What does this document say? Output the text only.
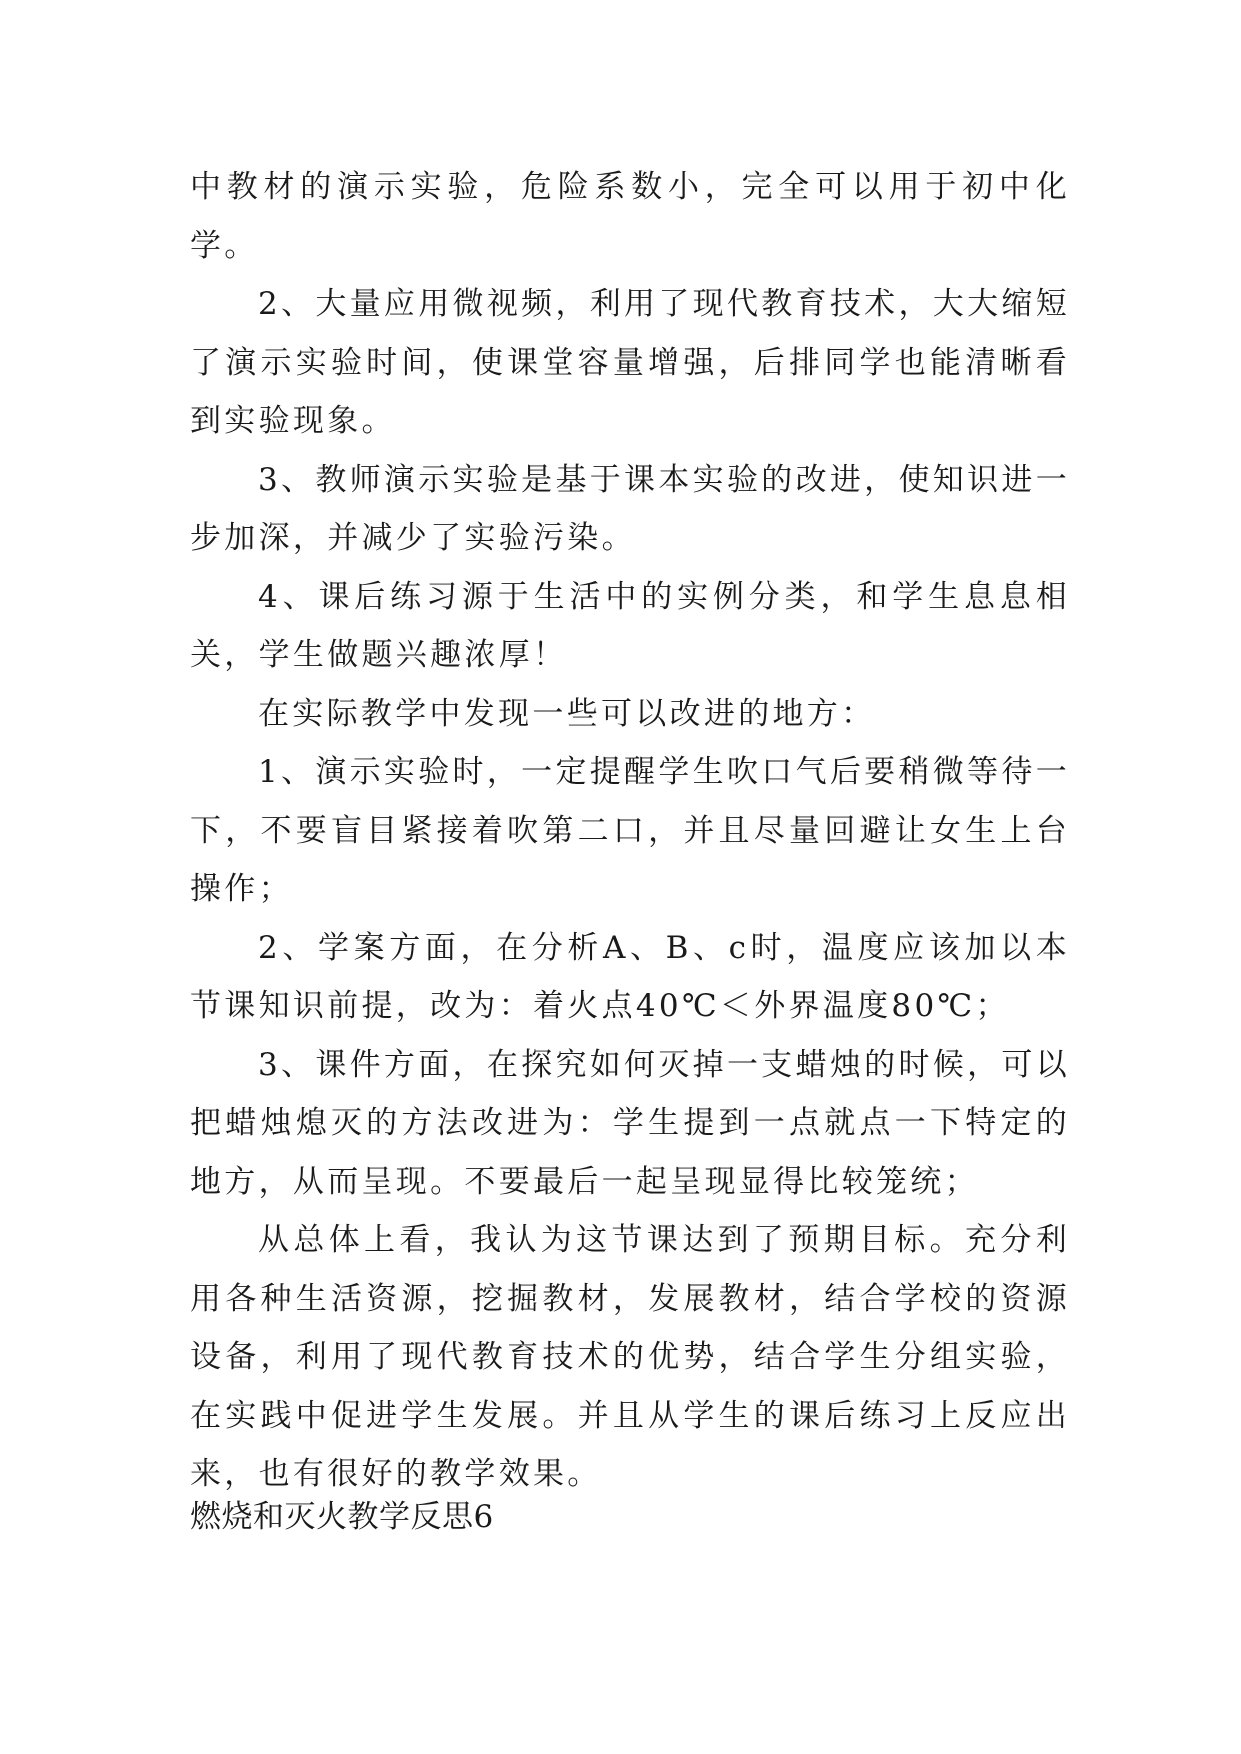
中教材的演示实验，危险系数小，完全可以用于初中化学。

2、大量应用微视频，利用了现代教育技术，大大缩短了演示实验时间，使课堂容量增强，后排同学也能清晰看到实验现象。

3、教师演示实验是基于课本实验的改进，使知识进一步加深，并减少了实验污染。

4、课后练习源于生活中的实例分类，和学生息息相关，学生做题兴趣浓厚！

在实际教学中发现一些可以改进的地方：

1、演示实验时，一定提醒学生吹口气后要稍微等待一下，不要盲目紧接着吹第二口，并且尽量回避让女生上台操作；

2、学案方面，在分析A、B、c时，温度应该加以本节课知识前提，改为：着火点40℃＜外界温度80℃；

3、课件方面，在探究如何灭掉一支蜡烛的时候，可以把蜡烛熄灭的方法改进为：学生提到一点就点一下特定的地方，从而呈现。不要最后一起呈现显得比较笼统；

从总体上看，我认为这节课达到了预期目标。充分利用各种生活资源，挖掘教材，发展教材，结合学校的资源设备，利用了现代教育技术的优势，结合学生分组实验，在实践中促进学生发展。并且从学生的课后练习上反应出来，也有很好的教学效果。

燃烧和灭火教学反思6
